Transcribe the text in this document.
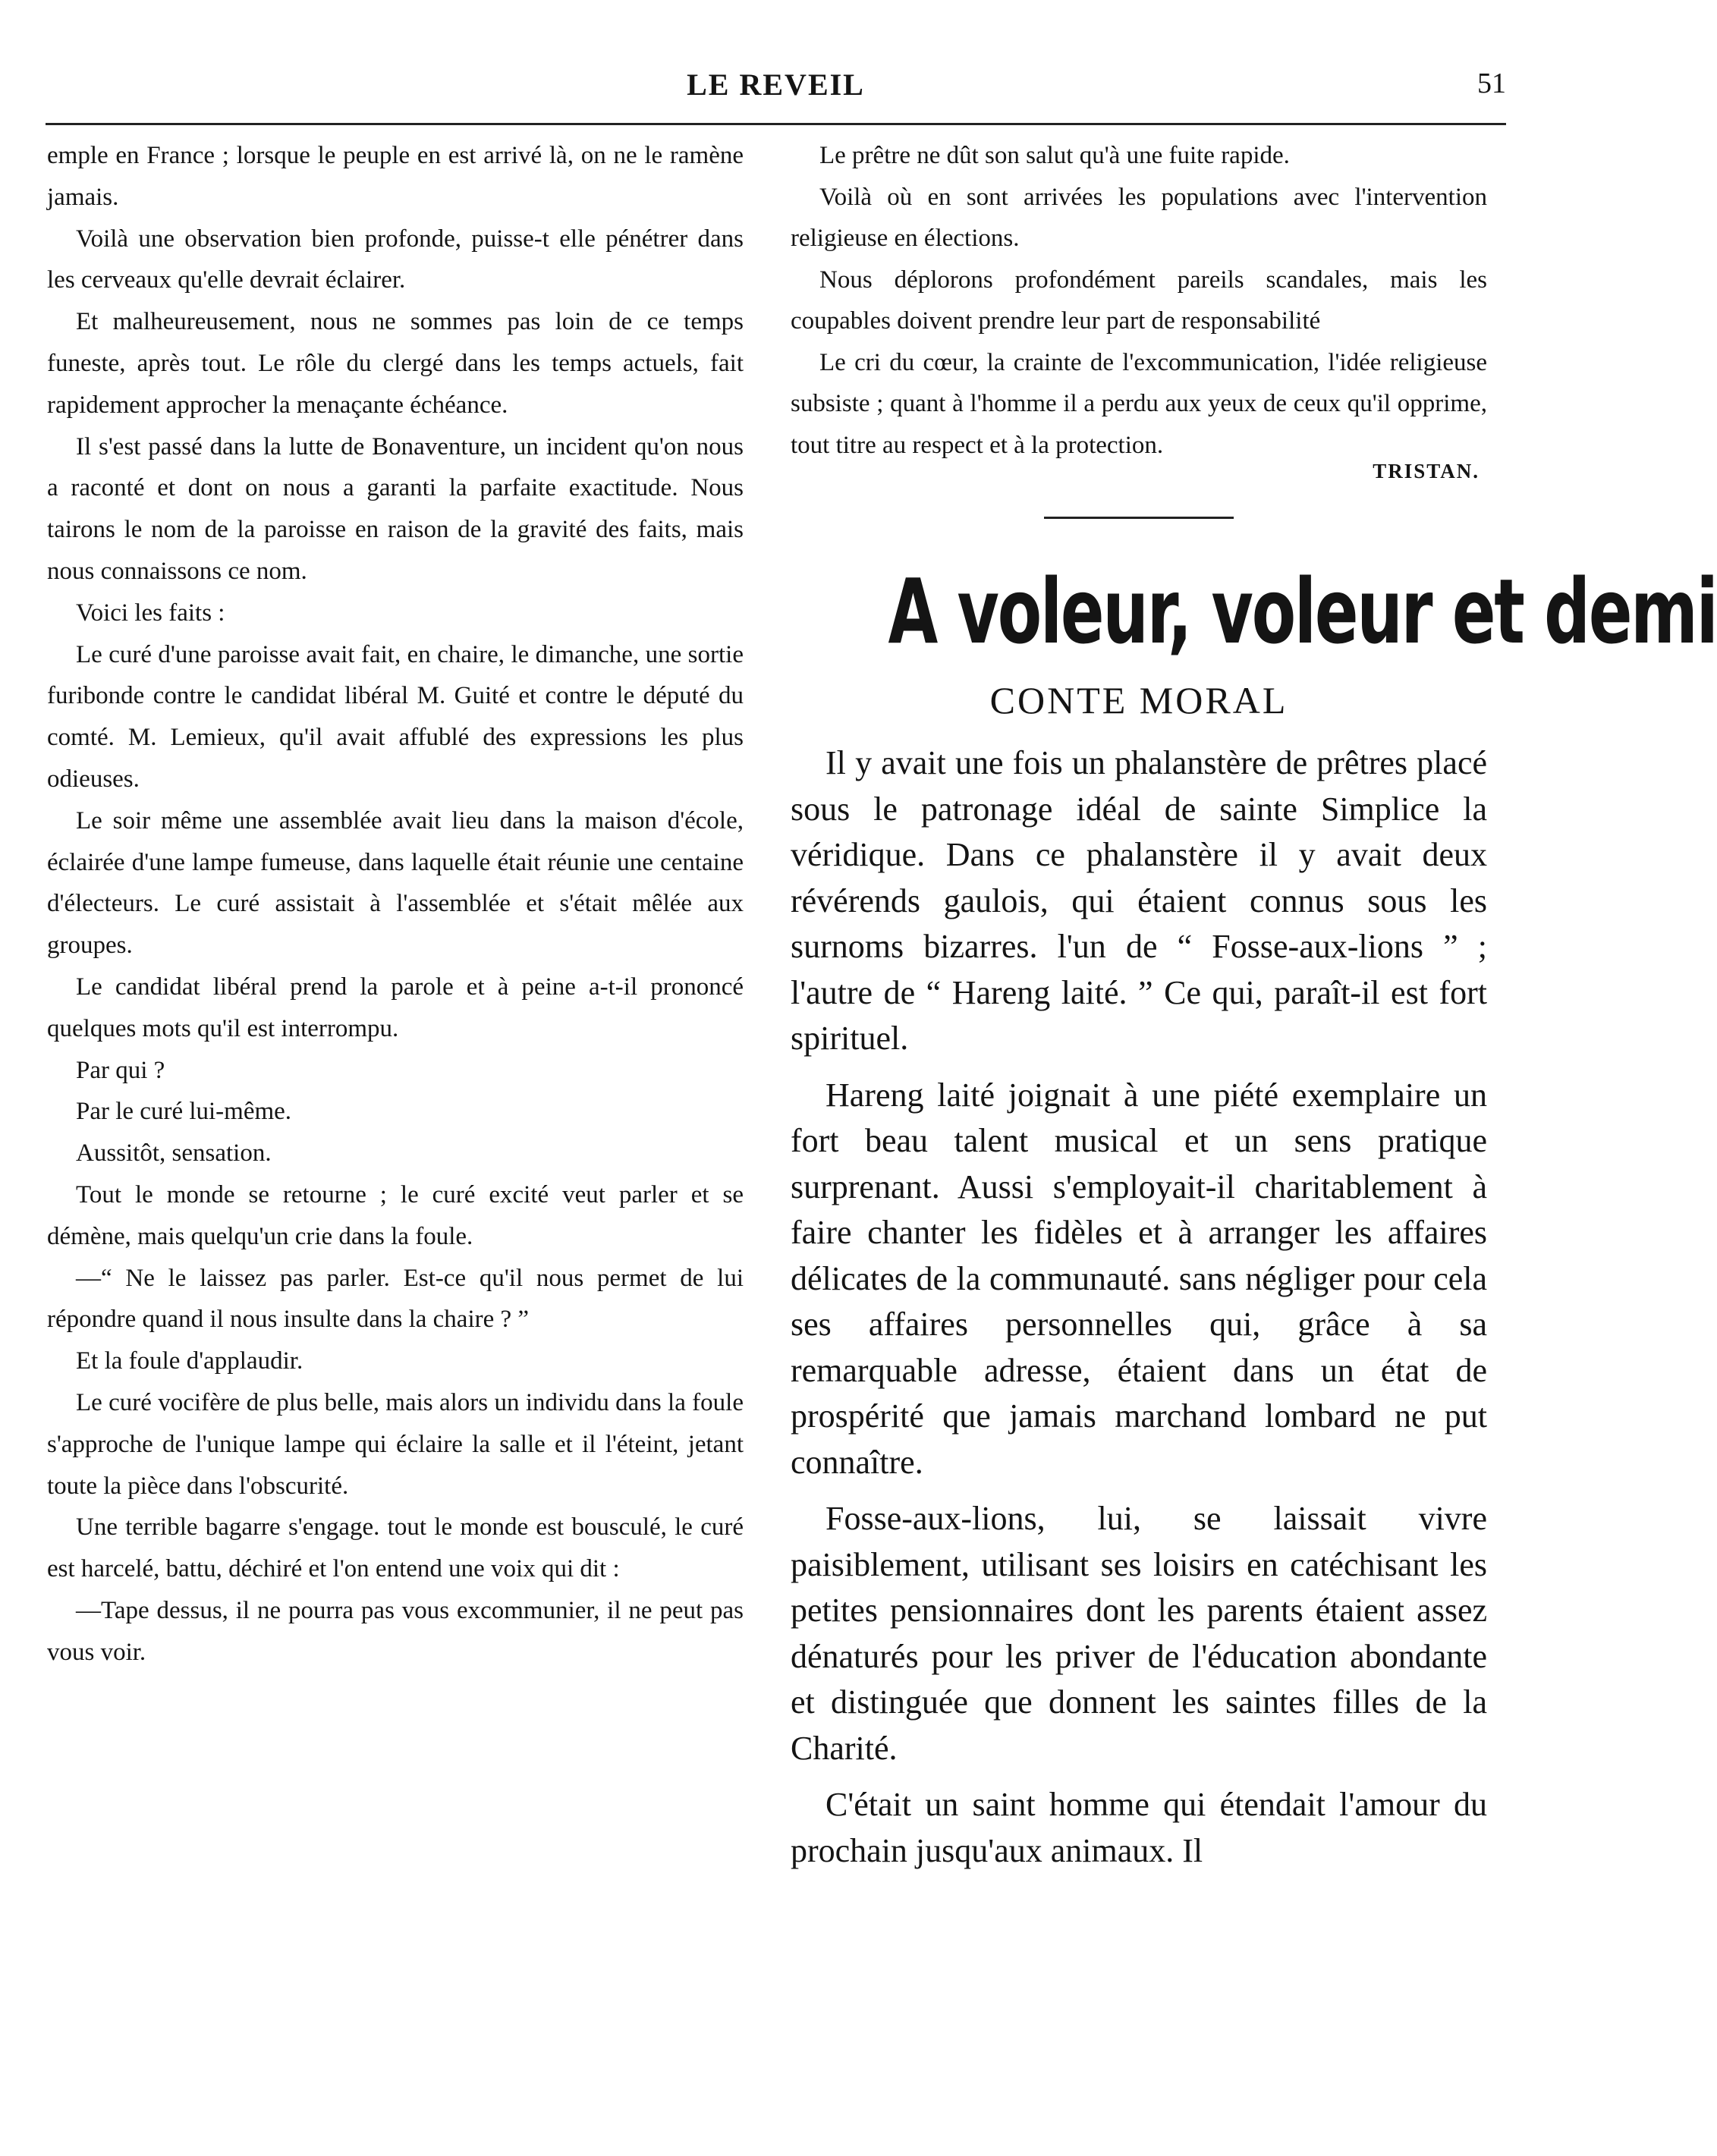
LE REVEIL	51

emple en France ; lorsque le peuple en est arrivé là, on ne le ramène jamais.

Voilà une observation bien profonde, puisse-t elle pénétrer dans les cerveaux qu'elle devrait éclairer.

Et malheureusement, nous ne sommes pas loin de ce temps funeste, après tout. Le rôle du clergé dans les temps actuels, fait rapidement approcher la menaçante échéance.

Il s'est passé dans la lutte de Bonaventure, un incident qu'on nous a raconté et dont on nous a garanti la parfaite exactitude. Nous tairons le nom de la paroisse en raison de la gravité des faits, mais nous connaissons ce nom.

Voici les faits :

Le curé d'une paroisse avait fait, en chaire, le dimanche, une sortie furibonde contre le candidat libéral M. Guité et contre le député du comté. M. Lemieux, qu'il avait affublé des expressions les plus odieuses.

Le soir même une assemblée avait lieu dans la maison d'école, éclairée d'une lampe fumeuse, dans laquelle était réunie une centaine d'électeurs. Le curé assistait à l'assemblée et s'était mêlée aux groupes.

Le candidat libéral prend la parole et à peine a-t-il prononcé quelques mots qu'il est interrompu.

Par qui ?

Par le curé lui-même.

Aussitôt, sensation.

Tout le monde se retourne ; le curé excité veut parler et se démène, mais quelqu'un crie dans la foule.

—“ Ne le laissez pas parler. Est-ce qu'il nous permet de lui répondre quand il nous insulte dans la chaire ? ”

Et la foule d'applaudir.

Le curé vocifère de plus belle, mais alors un individu dans la foule s'approche de l'unique lampe qui éclaire la salle et il l'éteint, jetant toute la pièce dans l'obscurité.

Une terrible bagarre s'engage. tout le monde est bousculé, le curé est harcelé, battu, déchiré et l'on entend une voix qui dit :

—Tape dessus, il ne pourra pas vous excommunier, il ne peut pas vous voir.

Le prêtre ne dût son salut qu'à une fuite rapide.

Voilà où en sont arrivées les populations avec l'intervention religieuse en élections.

Nous déplorons profondément pareils scandales, mais les coupables doivent prendre leur part de responsabilité

Le cri du cœur, la crainte de l'excommunication, l'idée religieuse subsiste ; quant à l'homme il a perdu aux yeux de ceux qu'il opprime, tout titre au respect et à la protection.

TRISTAN.
A voleur, voleur et demi
CONTE MORAL

Il y avait une fois un phalanstère de prêtres placé sous le patronage idéal de sainte Simplice la véridique. Dans ce phalanstère il y avait deux révérends gaulois, qui étaient connus sous les surnoms bizarres. l'un de “ Fosse-aux-lions ” ; l'autre de “ Hareng laité. ” Ce qui, paraît-il est fort spirituel.

Hareng laité joignait à une piété exemplaire un fort beau talent musical et un sens pratique surprenant. Aussi s'employait-il charitablement à faire chanter les fidèles et à arranger les affaires délicates de la communauté. sans négliger pour cela ses affaires personnelles qui, grâce à sa remarquable adresse, étaient dans un état de prospérité que jamais marchand lombard ne put connaître.

Fosse-aux-lions, lui, se laissait vivre paisiblement, utilisant ses loisirs en catéchisant les petites pensionnaires dont les parents étaient assez dénaturés pour les priver de l'éducation abondante et distinguée que donnent les saintes filles de la Charité.

C'était un saint homme qui étendait l'amour du prochain jusqu'aux animaux. Il
